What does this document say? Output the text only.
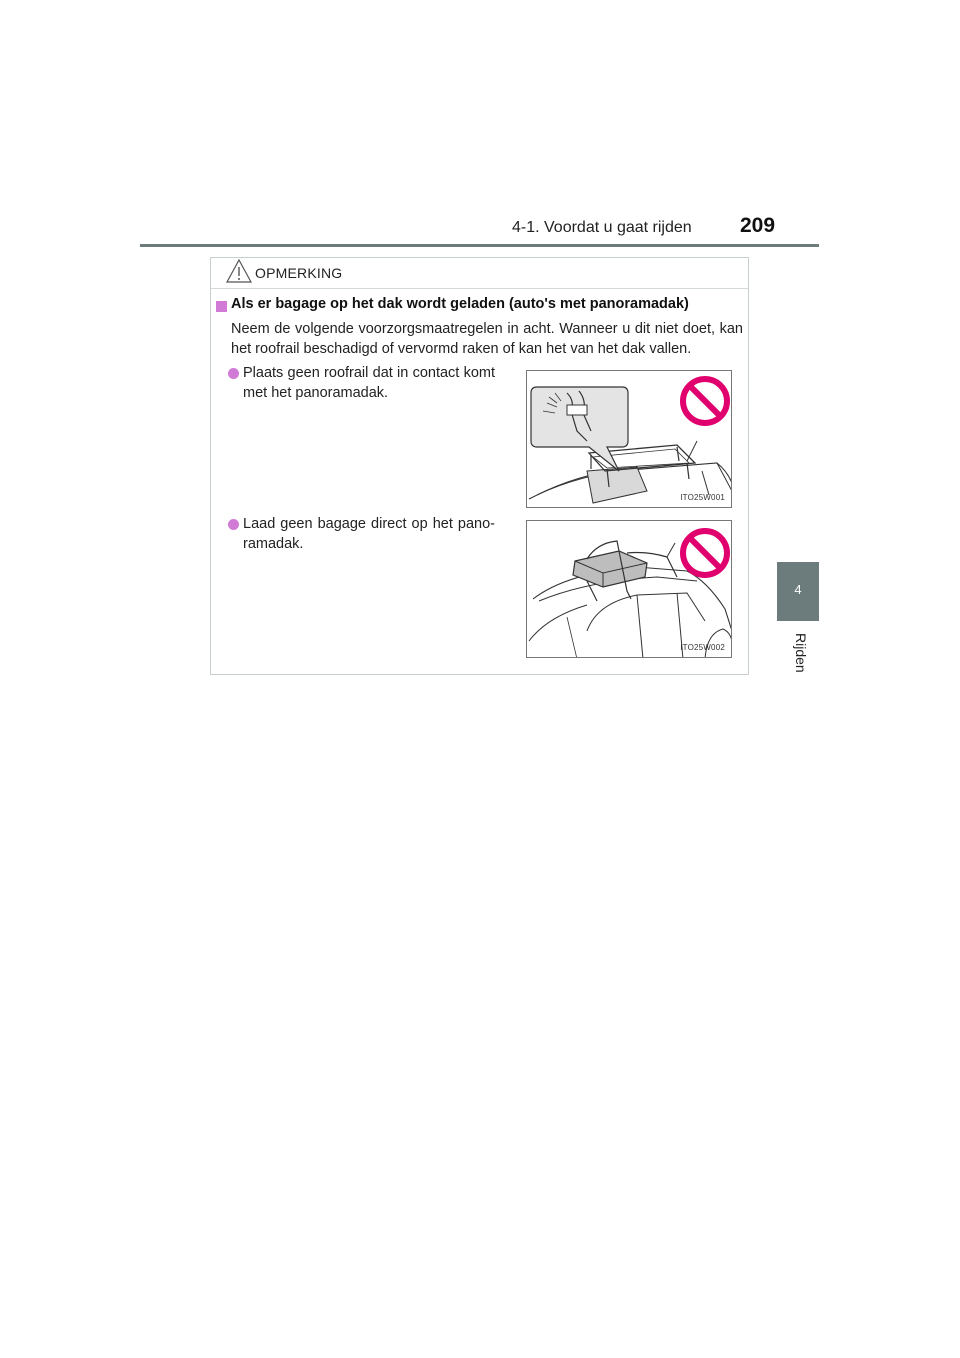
4-1. Voordat u gaat rijden 209
4
Rijden
OPMERKING
Als er bagage op het dak wordt geladen (auto's met panoramadak)
Neem de volgende voorzorgsmaatregelen in acht. Wanneer u dit niet doet, kan het roofrail beschadigd of vervormd raken of kan het van het dak vallen.
Plaats geen roofrail dat in contact komt met het panoramadak.
ITO25W001
Laad geen bagage direct op het pano-ramadak.
ITO25W002
